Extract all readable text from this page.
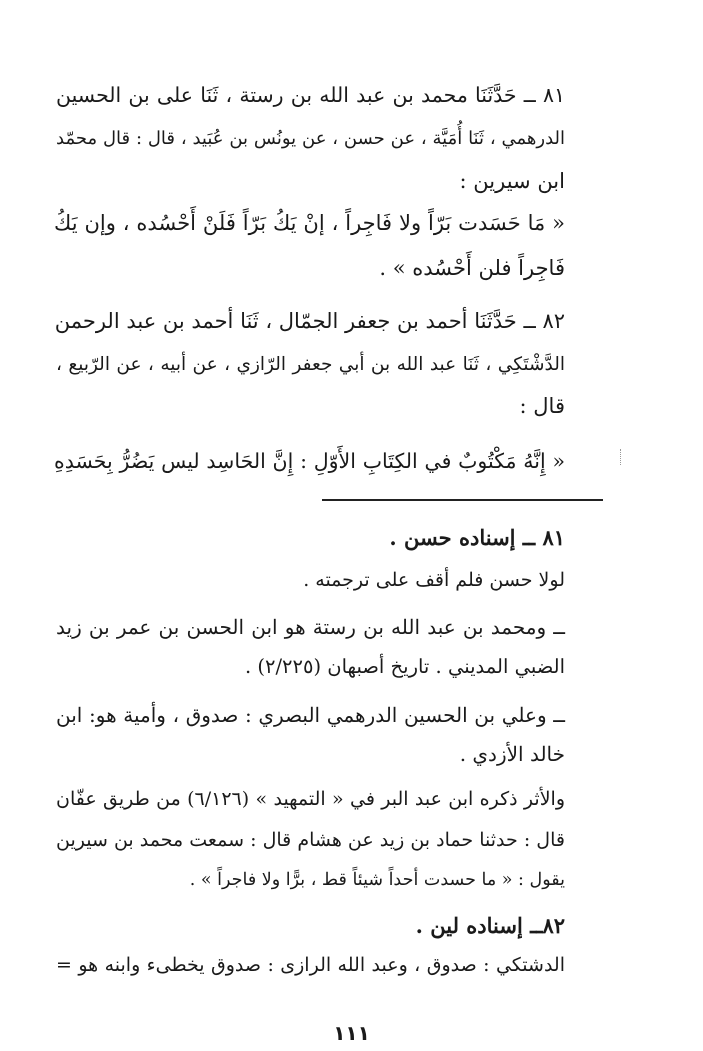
٨١ ــ حَدَّثَنَا محمد بن عبد الله بن رستة ، ثَنَا على بن الحسين
الدرهمي ، ثَنَا أُمَيَّة ، عن حسن ، عن يونُس بن عُبَيد ، قال : قال محمّد
ابن سيرين :
« مَا حَسَدت بَرّاً ولا فَاجِراً ، إنْ يَكُ بَرّاً فَلَنْ أَحْسُده ، وإن يَكُ
فَاجِراً فلن أَحْسُده » .
٨٢ ــ حَدَّثَنَا أحمد بن جعفر الجمّال ، ثَنَا أحمد بن عبد الرحمن
الدَّشْتَكِي ، ثَنَا عبد الله بن أبي جعفر الرّازي ، عن أبيه ، عن الرّبيع ،
قال :
« إِنَّهُ مَكْتُوبٌ في الكِتَابِ الأَوّلِ : إِنَّ الحَاسِد ليس يَضُرُّ بِحَسَدِهِ
٨١ ــ إسناده حسن .
لولا حسن فلم أقف على ترجمته .
ــ ومحمد بن عبد الله بن رستة هو ابن الحسن بن عمر بن زيد
الضبي المديني . تاريخ أصبهان (٢/٢٢٥) .
ــ وعلي بن الحسين الدرهمي البصري : صدوق ، وأمية هو: ابن
خالد الأزدي .
والأثر ذكره ابن عبد البر في « التمهيد » (٦/١٢٦) من طريق عفّان
قال : حدثنا حماد بن زيد عن هشام قال : سمعت محمد بن سيرين
يقول : « ما حسدت أحداً شيئاً قط ، برًّا ولا فاجراً » .
٨٢ــ إسناده لين .
الدشتكي : صدوق ، وعبد الله الرازى : صدوق يخطىء وابنه هو =
١١١
